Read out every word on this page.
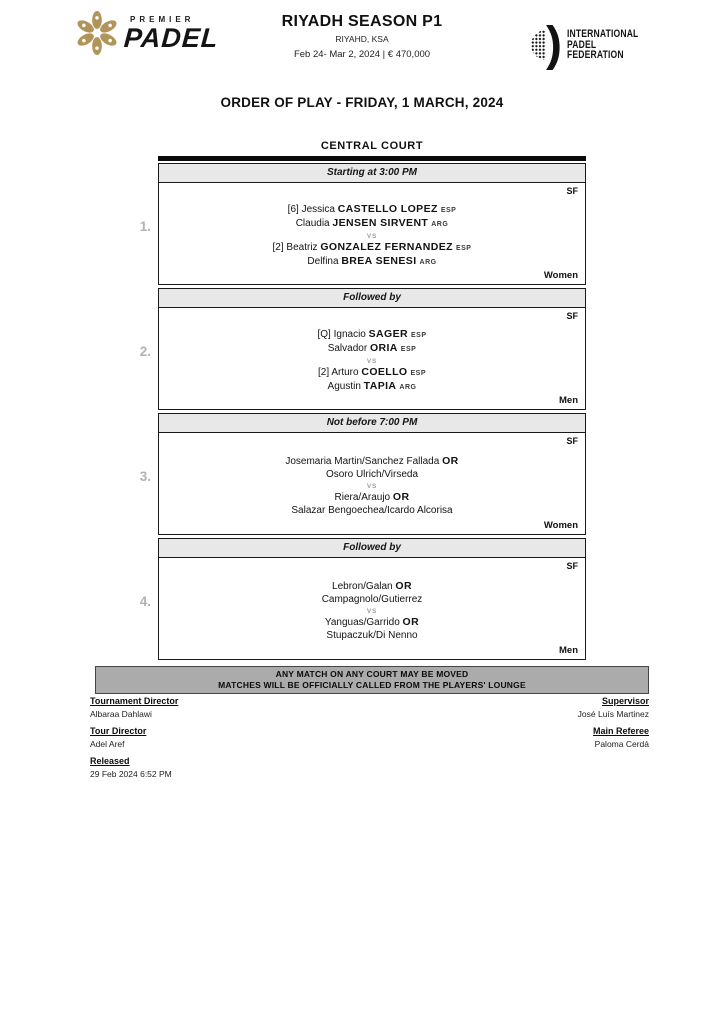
PREMIER
PADEL
RIYADH SEASON P1
RIYAHD, KSA
Feb 24- Mar 2, 2024 | € 470,000	) INTERNATIONAL
PADEL
FEDERATION
ORDER OF PLAY - FRIDAY, 1 MARCH, 2024
CENTRAL COURT
Starting at 3:00 PM
SF
[6] Jessica CASTELLO LOPEZ ESP
Claudia JENSEN SIRVENT ARG
VS
[2] Beatriz GONZALEZ FERNANDEZ ESP
Delfina BREA SENESI ARG
Women
1.
Followed by
SF
[Q] Ignacio SAGER ESP
Salvador ORIA ESP
VS
[2] Arturo COELLO ESP
Agustin TAPIA ARG
Men
2.
Not before 7:00 PM
SF
Josemaria Martin/Sanchez Fallada OR
Osoro Ulrich/Virseda
VS
Riera/Araujo OR
Salazar Bengoechea/Icardo Alcorisa
Women
3.
Followed by
SF
Lebron/Galan OR
Campagnolo/Gutierrez
VS
Yanguas/Garrido OR
Stupaczuk/Di Nenno
Men
4.
ANY MATCH ON ANY COURT MAY BE MOVED
MATCHES WILL BE OFFICIALLY CALLED FROM THE PLAYERS' LOUNGE
Tournament Director
Albaraa Dahlawi
Tour Director
Adel Aref
Released
29 Feb 2024 6:52 PM
Supervisor
José Luís Martinez
Main Referee
Paloma Cerdá
